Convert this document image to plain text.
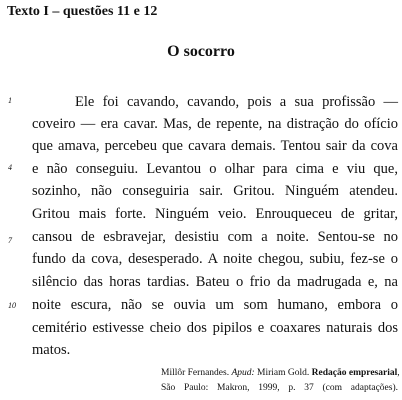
Texto I – questões 11 e 12
O socorro
1
4
7
10
Ele foi cavando, cavando, pois a sua profissão —
coveiro — era cavar. Mas, de repente, na distração do ofício
que amava, percebeu que cavara demais. Tentou sair da cova
e não conseguiu. Levantou o olhar para cima e viu que,
sozinho, não conseguiria sair. Gritou. Ninguém atendeu.
Gritou mais forte. Ninguém veio. Enrouqueceu de gritar,
cansou de esbravejar, desistiu com a noite. Sentou-se no
fundo da cova, desesperado. A noite chegou, subiu, fez-se o
silêncio das horas tardias. Bateu o frio da madrugada e, na
noite escura, não se ouvia um som humano, embora o
cemitério estivesse cheio dos pipilos e coaxares naturais dos
matos.
Millôr Fernandes. Apud: Miriam Gold. Redação empresarial,
São Paulo: Makron, 1999, p. 37 (com adaptações).
